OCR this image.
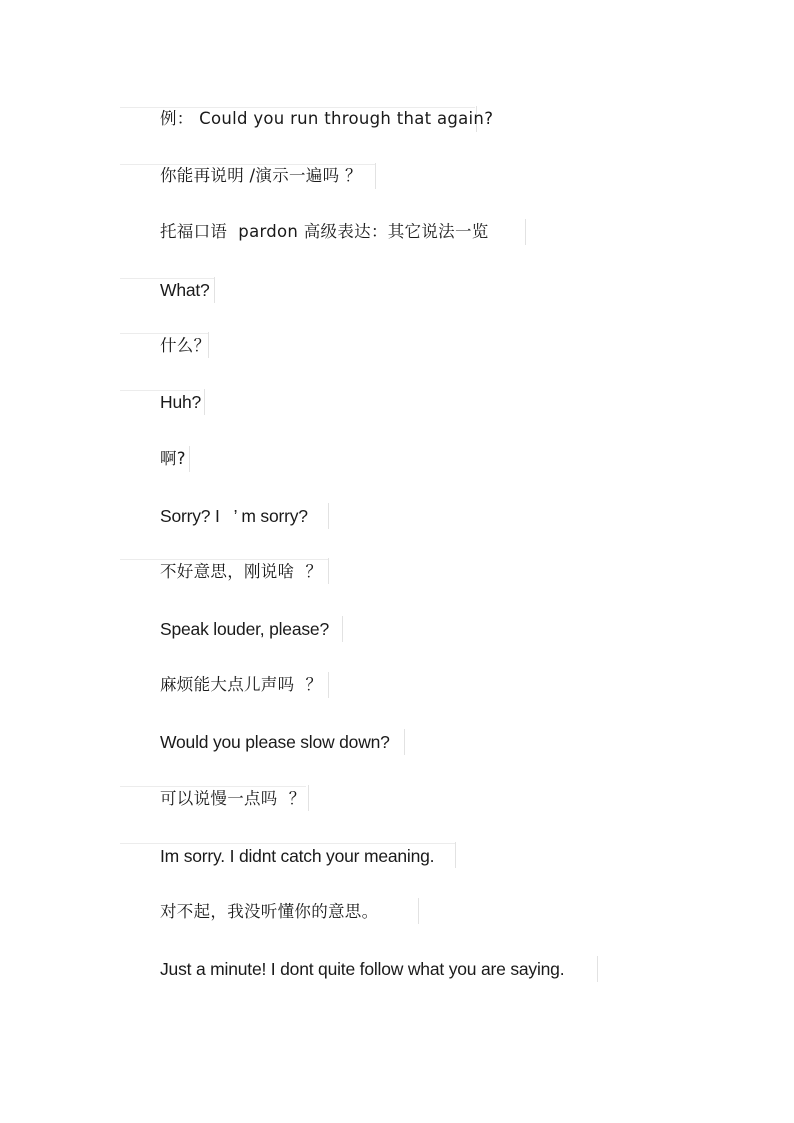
例： Could you run through that again?
你能再说明 /演示一遍吗 ？
托福口语  pardon 高级表达：其它说法一览
What?
什么？
Huh?
啊?
Sorry? I   ’ m sorry?
不好意思，刚说啥  ？
Speak louder, please?
麻烦能大点儿声吗  ？
Would you please slow down?
可以说慢一点吗  ？
Im sorry. I didnt catch your meaning.
对不起，我没听懂你的意思。
Just a minute! I dont quite follow what you are saying.
